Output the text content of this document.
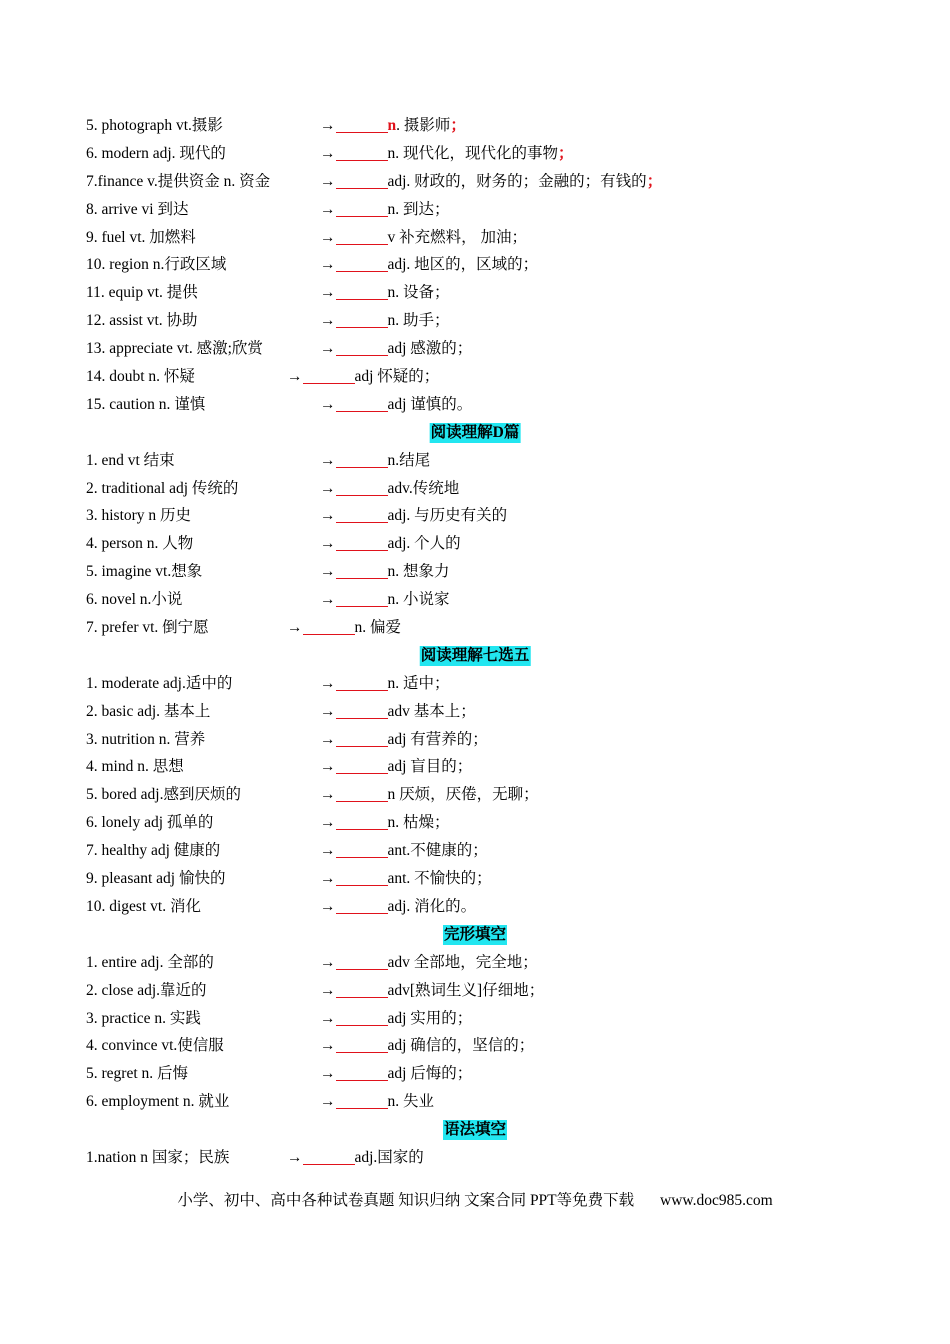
5. photograph vt.摄影	→	n. 摄影师；
6. modern adj. 现代的	→	n. 现代化，现代化的事物；
7.finance v.提供资金 n. 资金	→	adj. 财政的，财务的；金融的；有钱的；
8. arrive vi 到达	→	n. 到达；
9. fuel vt. 加燃料	→	v 补充燃料， 加油；
10. region n.行政区域	→	adj. 地区的，区域的；
11. equip vt. 提供	→	n. 设备；
12. assist vt. 协助	→	n. 助手；
13. appreciate vt. 感激;欣赏	→	adj 感激的；
14. doubt n. 怀疑	→	adj 怀疑的；
15. caution n. 谨慎	→	adj 谨慎的。
阅读理解D篇
1. end vt 结束	→	n.结尾
2. traditional adj 传统的	→	adv.传统地
3. history n 历史	→	adj. 与历史有关的
4. person n. 人物	→	adj. 个人的
5. imagine vt.想象	→	n. 想象力
6. novel n.小说	→	n. 小说家
7. prefer vt. 倒宁愿	→	n. 偏爱
阅读理解七选五
1. moderate adj.适中的	→	n. 适中；
2. basic adj. 基本上	→	adv 基本上；
3. nutrition n. 营养	→	adj 有营养的；
4. mind n. 思想	→	adj 盲目的；
5. bored adj.感到厌烦的	→	n 厌烦，厌倦，无聊；
6. lonely adj 孤单的	→	n. 枯燥；
7. healthy adj 健康的	→	ant.不健康的；
9. pleasant adj 愉快的	→	ant. 不愉快的；
10. digest vt. 消化	→	adj. 消化的。
完形填空
1. entire adj. 全部的	→	adv 全部地，完全地；
2. close adj.靠近的	→	adv[熟词生义]仔细地；
3. practice n. 实践	→	adj 实用的；
4. convince vt.使信服	→	adj 确信的，坚信的；
5. regret n. 后悔	→	adj 后悔的；
6. employment n. 就业	→	n. 失业
语法填空
1.nation n 国家；民族	→	adj.国家的
小学、初中、高中各种试卷真题 知识归纳 文案合同 PPT等免费下载 www.doc985.com
